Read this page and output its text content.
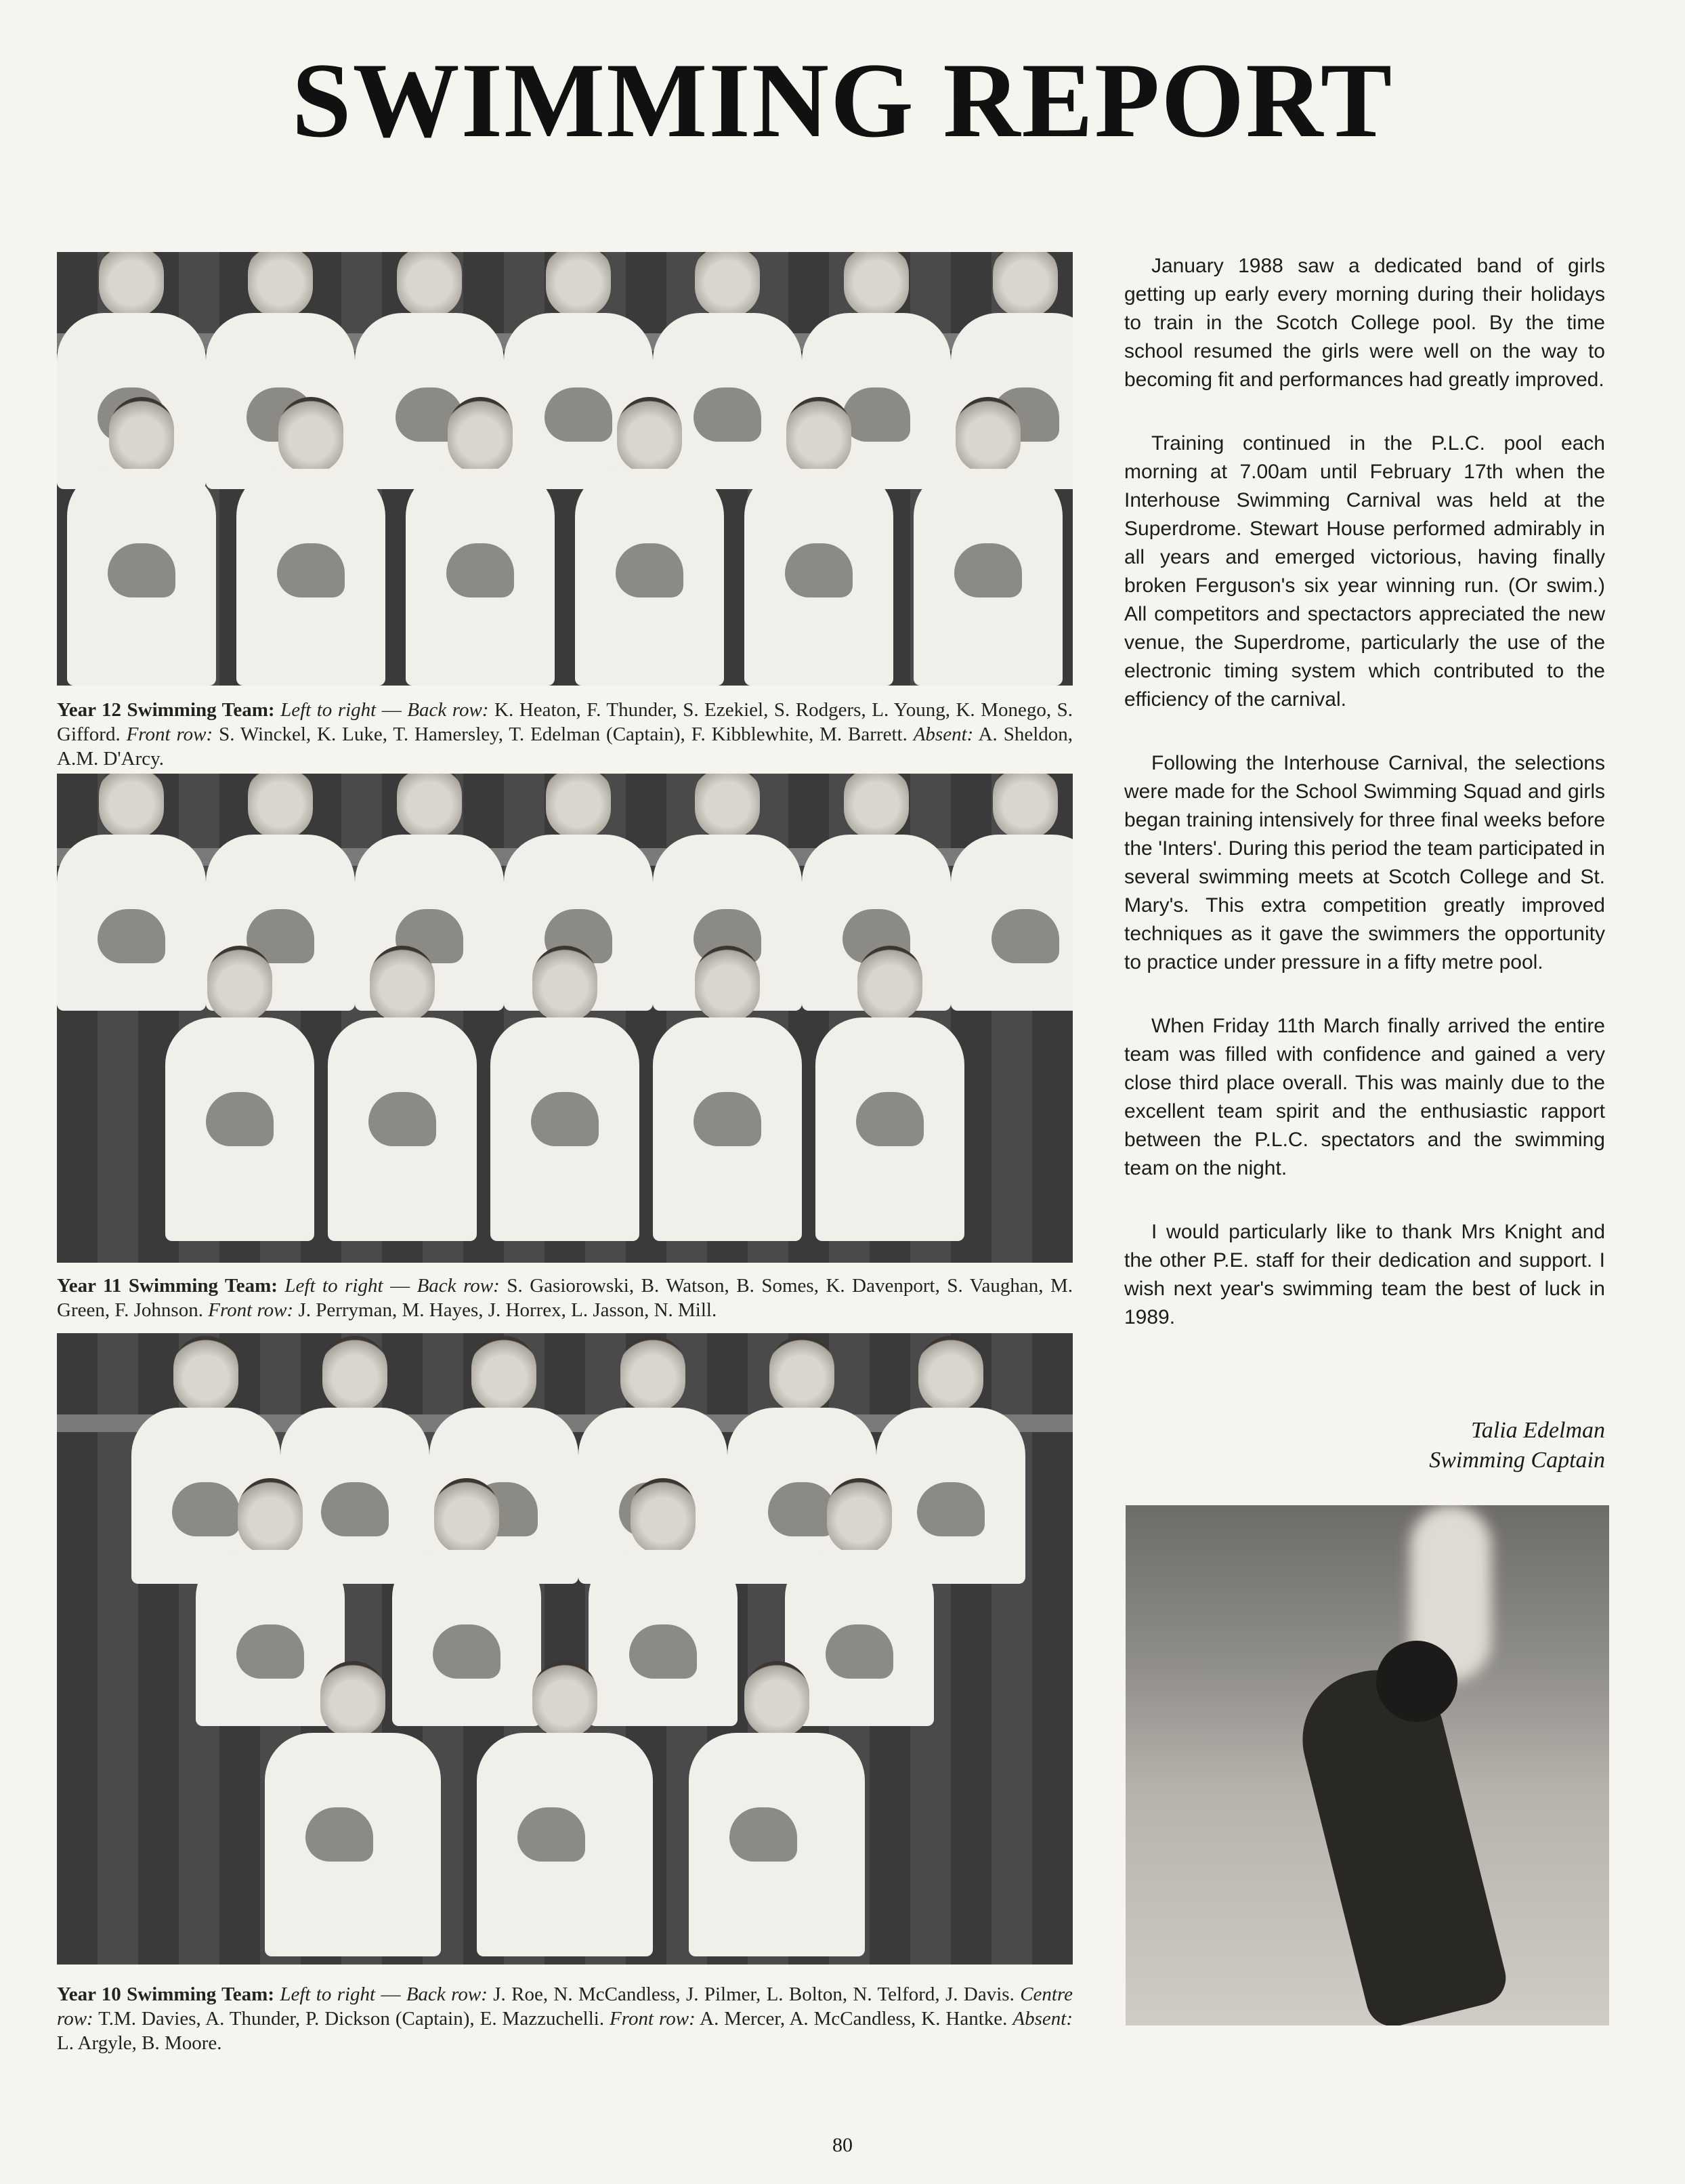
SWIMMING REPORT
Year 12 Swimming Team: Left to right — Back row: K. Heaton, F. Thunder, S. Ezekiel, S. Rodgers, L. Young, K. Monego, S. Gifford. Front row: S. Winckel, K. Luke, T. Hamersley, T. Edelman (Captain), F. Kibblewhite, M. Barrett. Absent: A. Sheldon, A.M. D'Arcy.
Year 11 Swimming Team: Left to right — Back row: S. Gasiorowski, B. Watson, B. Somes, K. Davenport, S. Vaughan, M. Green, F. Johnson. Front row: J. Perryman, M. Hayes, J. Horrex, L. Jasson, N. Mill.
Year 10 Swimming Team: Left to right — Back row: J. Roe, N. McCandless, J. Pilmer, L. Bolton, N. Telford, J. Davis. Centre row: T.M. Davies, A. Thunder, P. Dickson (Captain), E. Mazzuchelli. Front row: A. Mercer, A. McCandless, K. Hantke. Absent: L. Argyle, B. Moore.

January 1988 saw a dedicated band of girls getting up early every morning during their holidays to train in the Scotch College pool. By the time school resumed the girls were well on the way to becoming fit and performances had greatly improved.

Training continued in the P.L.C. pool each morning at 7.00am until February 17th when the Interhouse Swimming Carnival was held at the Superdrome. Stewart House performed admirably in all years and emerged victorious, having finally broken Ferguson's six year winning run. (Or swim.) All competitors and spectactors appreciated the new venue, the Superdrome, particularly the use of the electronic timing system which contributed to the efficiency of the carnival.

Following the Interhouse Carnival, the selections were made for the School Swimming Squad and girls began training intensively for three final weeks before the 'Inters'. During this period the team participated in several swimming meets at Scotch College and St. Mary's. This extra competition greatly improved techniques as it gave the swimmers the opportunity to practice under pressure in a fifty metre pool.

When Friday 11th March finally arrived the entire team was filled with confidence and gained a very close third place overall. This was mainly due to the excellent team spirit and the enthusiastic rapport between the P.L.C. spectators and the swimming team on the night.

I would particularly like to thank Mrs Knight and the other P.E. staff for their dedication and support. I wish next year's swimming team the best of luck in 1989.

Talia Edelman
Swimming Captain
80
